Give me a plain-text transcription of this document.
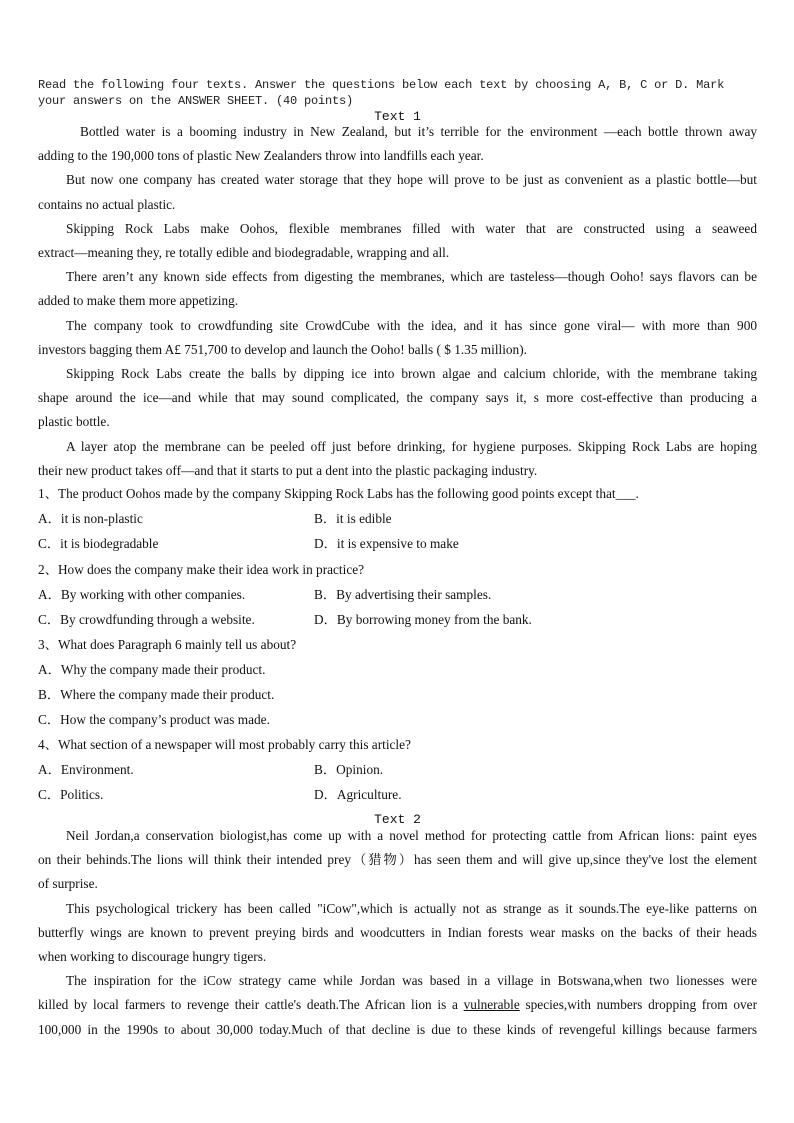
Read the following four texts. Answer the questions below each text by choosing A, B, C or D. Mark
your answers on the ANSWER SHEET. (40 points)
Text 1
Bottled water is a booming industry in New Zealand, but it’s terrible for the environment —each bottle thrown away
adding to the 190,000 tons of plastic New Zealanders throw into landfills each year.
But now one company has created water storage that they hope will prove to be just as convenient as a plastic bottle—but
contains no actual plastic.
Skipping Rock Labs make Oohos, flexible membranes filled with water that are constructed using a seaweed
extract—meaning they, re totally edible and biodegradable, wrapping and all.
There aren’t any known side effects from digesting the membranes, which are tasteless—though Ooho! says flavors can be
added to make them more appetizing.
The company took to crowdfunding site CrowdCube with the idea, and it has since gone viral— with more than 900
investors bagging them A£ 751,700 to develop and launch the Ooho! balls ( $ 1.35 million).
Skipping Rock Labs create the balls by dipping ice into brown algae and calcium chloride, with the membrane taking
shape around the ice—and while that may sound complicated, the company says it, s more cost-effective than producing a
plastic bottle.
A layer atop the membrane can be peeled off just before drinking, for hygiene purposes. Skipping Rock Labs are hoping
their new product takes off—and that it starts to put a dent into the plastic packaging industry.
1、The product Oohos made by the company Skipping Rock Labs has the following good points except that___.
A．it is non-plastic	B．it is edible
C．it is biodegradable	D．it is expensive to make
2、How does the company make their idea work in practice?
A．By working with other companies.	B．By advertising their samples.
C．By crowdfunding through a website.	D．By borrowing money from the bank.
3、What does Paragraph 6 mainly tell us about?
A．Why the company made their product.
B．Where the company made their product.
C．How the company’s product was made.
4、What section of a newspaper will most probably carry this article?
A．Environment.	B．Opinion.
C．Politics.	D．Agriculture.
Text 2
Neil Jordan,a conservation biologist,has come up with a novel method for protecting cattle from African lions: paint eyes
on their behinds.The lions will think their intended prey（猎物）has seen them and will give up,since they've lost the element
of surprise.
This psychological trickery has been called "iCow",which is actually not as strange as it sounds.The eye-like patterns on
butterfly wings are known to prevent preying birds and woodcutters in Indian forests wear masks on the backs of their heads
when working to discourage hungry tigers.
The inspiration for the iCow strategy came while Jordan was based in a village in Botswana,when two lionesses were
killed by local farmers to revenge their cattle's death.The African lion is a vulnerable species,with numbers dropping from over
100,000 in the 1990s to about 30,000 today.Much of that decline is due to these kinds of revengeful killings because farmers
